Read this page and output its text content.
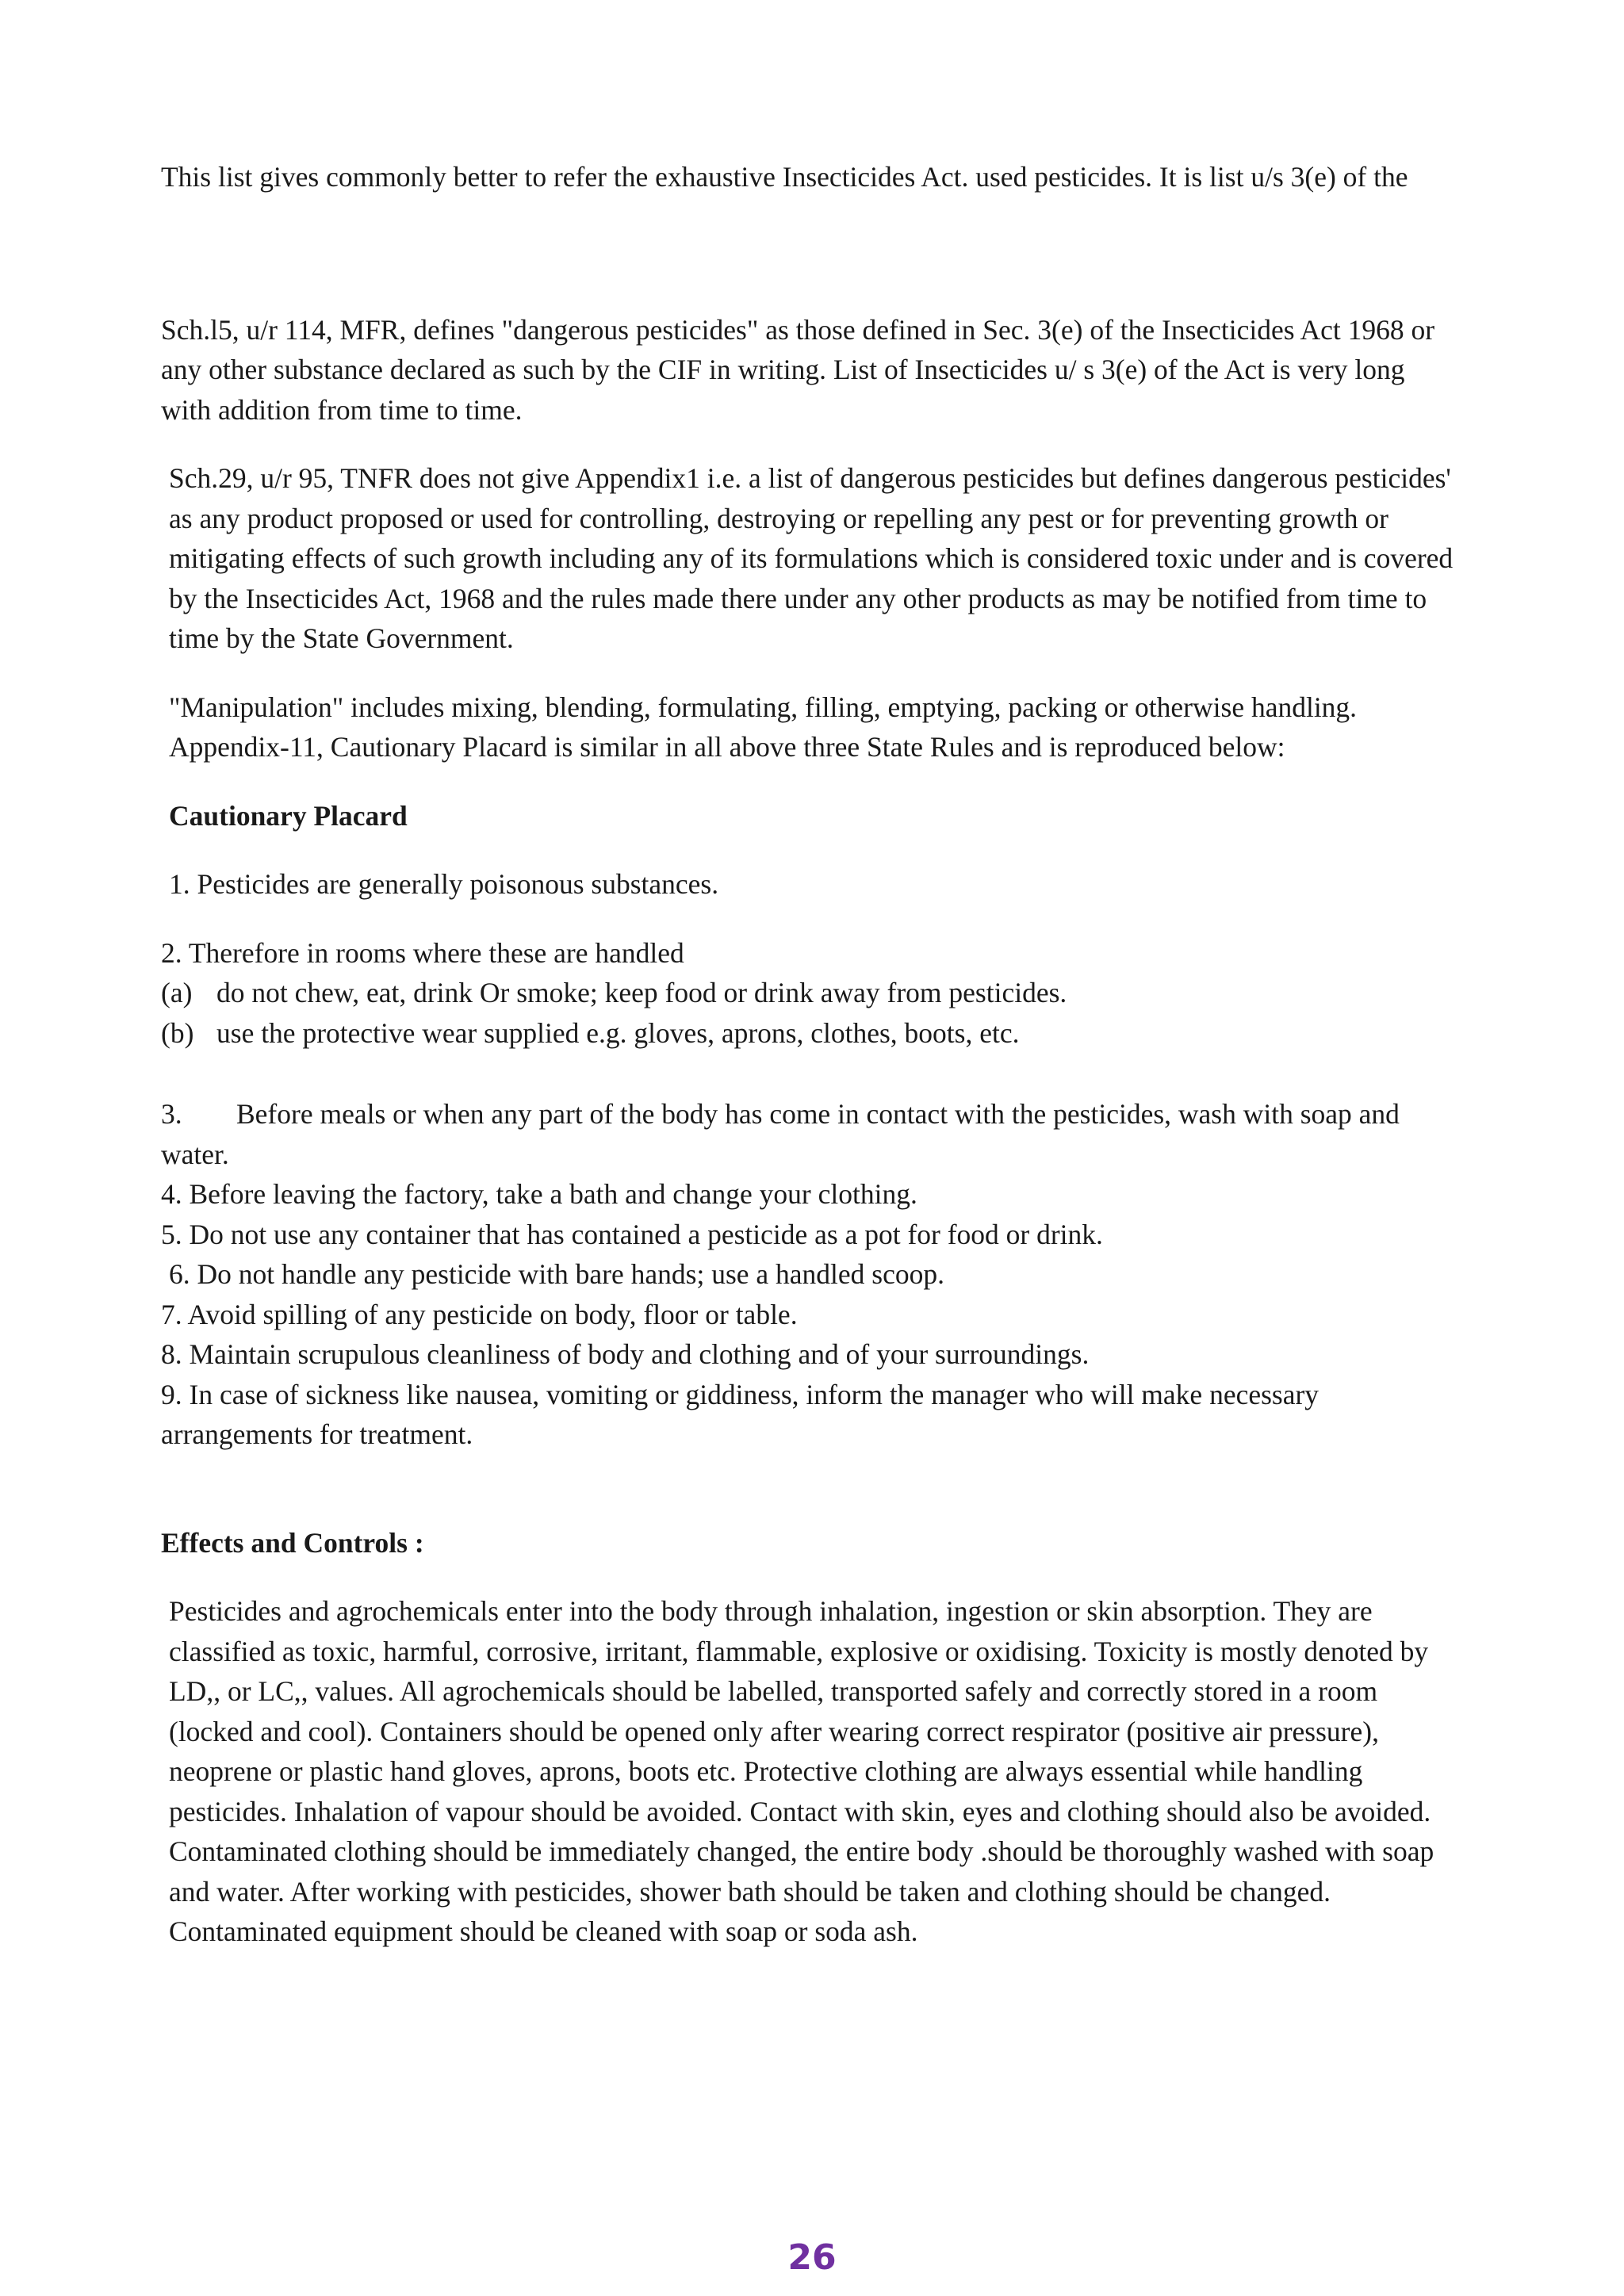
This list gives commonly better to refer the exhaustive Insecticides Act. used pesticides. It is list u/s 3(e) of the

Sch.l5, u/r 114, MFR, defines "dangerous pesticides" as those defined in Sec. 3(e) of the Insecticides Act 1968 or any other substance declared as such by the CIF in writing. List of Insecticides u/ s 3(e) of the Act is very long with addition from time to time.

Sch.29, u/r 95, TNFR does not give Appendix1 i.e. a list of dangerous pesticides but defines dangerous pesticides' as any product proposed or used for controlling, destroying or repelling any pest or for preventing growth or mitigating effects of such growth including any of its formulations which is considered toxic under and is covered by the Insecticides Act, 1968 and the rules made there under any other products as may be notified from time to time by the State Government.

"Manipulation" includes mixing, blending, formulating, filling, emptying, packing or otherwise handling. Appendix-11, Cautionary Placard is similar in all above three State Rules and is reproduced below:

Cautionary Placard

1. Pesticides are generally poisonous substances.

2. Therefore in rooms where these are handled

(a) do not chew, eat, drink Or smoke; keep food or drink away from pesticides.
(b) use the protective wear supplied e.g. gloves, aprons, clothes, boots, etc.

3. Before meals or when any part of the body has come in contact with the pesticides, wash with soap and water.

4. Before leaving the factory, take a bath and change your clothing.

5. Do not use any container that has contained a pesticide as a pot for food or drink.

6. Do not handle any pesticide with bare hands; use a handled scoop.

7. Avoid spilling of any pesticide on body, floor or table.

8. Maintain scrupulous cleanliness of body and clothing and of your surroundings.

9. In case of sickness like nausea, vomiting or giddiness, inform the manager who will make necessary arrangements for treatment.

Effects and Controls :

Pesticides and agrochemicals enter into the body through inhalation, ingestion or skin absorption. They are classified as toxic, harmful, corrosive, irritant, flammable, explosive or oxidising. Toxicity is mostly denoted by LD,, or LC,, values. All agrochemicals should be labelled, transported safely and correctly stored in a room (locked and cool). Containers should be opened only after wearing correct respirator (positive air pressure), neoprene or plastic hand gloves, aprons, boots etc. Protective clothing are always essential while handling pesticides. Inhalation of vapour should be avoided. Contact with skin, eyes and clothing should also be avoided. Contaminated clothing should be immediately changed, the entire body .should be thoroughly washed with soap and water. After working with pesticides, shower bath should be taken and clothing should be changed. Contaminated equipment should be cleaned with soap or soda ash.

26
